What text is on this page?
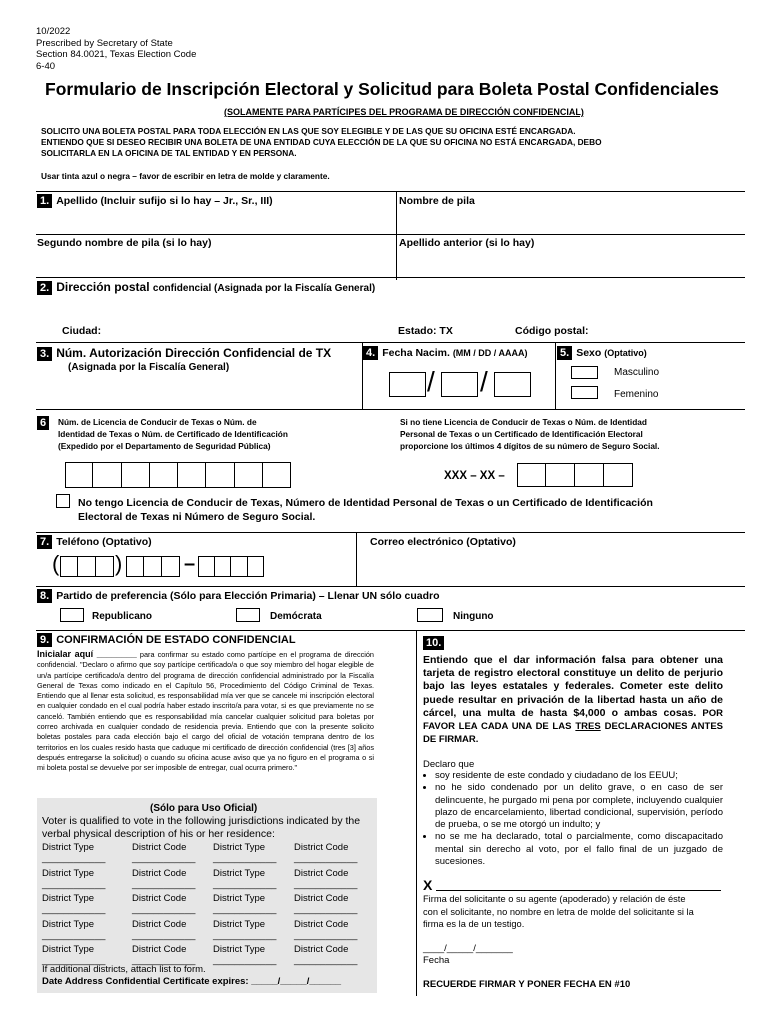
10/2022
Prescribed by Secretary of State
Section 84.0021, Texas Election Code
6-40
Formulario de Inscripción Electoral y Solicitud para Boleta Postal Confidenciales
(SOLAMENTE PARA PARTÍCIPES DEL PROGRAMA DE DIRECCIÓN CONFIDENCIAL)
SOLICITO UNA BOLETA POSTAL PARA TODA ELECCIÓN EN LAS QUE SOY ELEGIBLE Y DE LAS QUE SU OFICINA ESTÉ ENCARGADA.
ENTIENDO QUE SI DESEO RECIBIR UNA BOLETA DE UNA ENTIDAD CUYA ELECCIÓN DE LA QUE SU OFICINA NO ESTÁ ENCARGADA, DEBO
SOLICITARLA EN LA OFICINA DE TAL ENTIDAD Y EN PERSONA.
Usar tinta azul o negra – favor de escribir en letra de molde y claramente.
1. Apellido (Incluir sufijo si lo hay – Jr., Sr., III)	Nombre de pila
Segundo nombre de pila (si lo hay)	Apellido anterior (si lo hay)
2. Dirección postal confidencial (Asignada por la Fiscalía General)
Ciudad:	Estado: TX	Código postal:
3. Núm. Autorización Dirección Confidencial de TX
(Asignada por la Fiscalía General)
4. Fecha Nacim. (MM / DD / AAAA)
/ /
5. Sexo (Optativo)
Masculino
Femenino
6	Núm. de Licencia de Conducir de Texas o Núm. de
Identidad de Texas o Núm. de Certificado de Identificación
(Expedido por el Departamento de Seguridad Pública)
Si no tiene Licencia de Conducir de Texas o Núm. de Identidad
Personal de Texas o un Certificado de Identificación Electoral
proporcione los últimos 4 dígitos de su número de Seguro Social.
XXX – XX –
No tengo Licencia de Conducir de Texas, Número de Identidad Personal de Texas o un Certificado de Identificación
Electoral de Texas ni Número de Seguro Social.
7. Teléfono (Optativo)	Correo electrónico (Optativo)
(	)	–
8. Partido de preferencia (Sólo para Elección Primaria) – Llenar UN sólo cuadro
Republicano	Demócrata	Ninguno
9. CONFIRMACIÓN DE ESTADO CONFIDENCIAL
Inicialar aquí ________ para confirmar su estado como partícipe en el programa de dirección confidencial. "Declaro o afirmo que soy partícipe certificado/a o que soy miembro del hogar elegible de un/a partícipe certificado/a dentro del programa de dirección confidencial administrado por la Fiscalía General de Texas como indicado en el Capítulo 56, Procedimiento del Código Criminal de Texas. Entiendo que al llenar esta solicitud, es responsabilidad mía ver que se cancele mi inscripción electoral en cualquier condado en el cual podría haber estado inscrito/a para votar, si es que previamente no se canceló. También entiendo que es responsabilidad mía cancelar cualquier solicitud para boletas por correo archivada en cualquier condado de residencia previa. Entiendo que con la presente solicito boletas postales para cada elección bajo el cargo del oficial de votación temprana dentro de los territorios en los cuales resido hasta que caduque mi certificado de dirección confidencial (tres [3] años después entregarse la solicitud) o cuando su oficina acuse aviso que ya no figuro en el programa o si mi boleta postal se devuelve por ser imposible de entregar, cual ocurra primero."
(Sólo para Uso Oficial)
Voter is qualified to vote in the following jurisdictions indicated by the
verbal physical description of his or her residence:
District Type	District Code	District Type	District Code
____________	____________ ____________ ____________
District Type	District Code	District Type	District Code
____________	____________ ____________ ____________
District Type	District Code	District Type	District Code
____________	____________ ____________ ____________
District Type	District Code	District Type	District Code
____________	____________ ____________ ____________
District Type	District Code	District Type	District Code
____________	____________ ____________ ____________
If additional districts, attach list to form.
Date Address Confidential Certificate expires: _____/_____/______
10.
Entiendo que el dar información falsa para obtener una tarjeta de registro electoral constituye un delito de perjurio bajo las leyes estatales y federales. Cometer este delito puede resultar en privación de la libertad hasta un año de cárcel, una multa de hasta $4,000 o ambas cosas. POR FAVOR LEA CADA UNA DE LAS TRES DECLARACIONES ANTES DE FIRMAR.
Declaro que
• soy residente de este condado y ciudadano de los EEUU;
• no he sido condenado por un delito grave, o en caso de ser delincuente, he purgado mi pena por complete, incluyendo cualquier plazo de encarcelamiento, libertad condicional, supervisión, período de prueba, o se me otorgó un indulto; y
• no se me ha declarado, total o parcialmente, como discapacitado mental sin derecho al voto, por el fallo final de un juzgado de sucesiones.
X
Firma del solicitante o su agente (apoderado) y relación de éste
con el solicitante, no nombre en letra de molde del solicitante si la
firma es la de un testigo.
____/_____/_______
Fecha
RECUERDE FIRMAR Y PONER FECHA EN #10
